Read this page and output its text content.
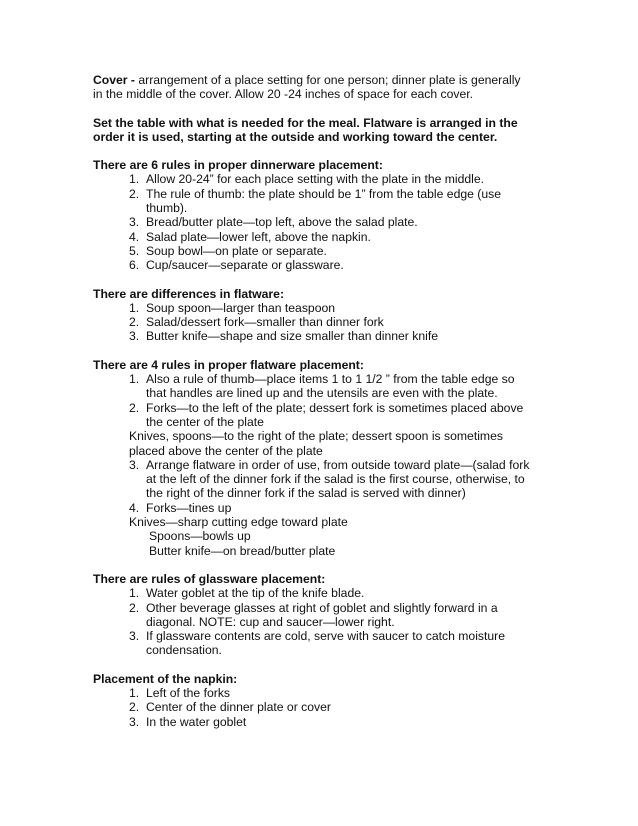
Cover - arrangement of a place setting for one person; dinner plate is generally

in the middle of the cover. Allow 20 -24 inches of space for each cover.

Set the table with what is needed for the meal. Flatware is arranged in the

order it is used, starting at the outside and working toward the center.

There are 6 rules in proper dinnerware placement:

1. Allow 20-24” for each place setting with the plate in the middle.
2. The rule of thumb: the plate should be 1” from the table edge (use

thumb).

3. Bread/butter plate—top left, above the salad plate.
4. Salad plate—lower left, above the napkin.
5. Soup bowl—on plate or separate.
6. Cup/saucer—separate or glassware.

There are differences in flatware:

1. Soup spoon—larger than teaspoon
2. Salad/dessert fork—smaller than dinner fork
3. Butter knife—shape and size smaller than dinner knife

There are 4 rules in proper flatware placement:

1. Also a rule of thumb—place items 1 to 1 1/2 ” from the table edge so

that handles are lined up and the utensils are even with the plate.

2. Forks—to the left of the plate; dessert fork is sometimes placed above

the center of the plate

Knives, spoons—to the right of the plate; dessert spoon is sometimes

placed above the center of the plate

3. Arrange flatware in order of use, from outside toward plate—(salad fork

at the left of the dinner fork if the salad is the first course, otherwise, to

the right of the dinner fork if the salad is served with dinner)

4. Forks—tines up

Knives—sharp cutting edge toward plate

Spoons—bowls up

Butter knife—on bread/butter plate

There are rules of glassware placement:

1. Water goblet at the tip of the knife blade.
2. Other beverage glasses at right of goblet and slightly forward in a

diagonal. NOTE: cup and saucer—lower right.

3. If glassware contents are cold, serve with saucer to catch moisture

condensation.

Placement of the napkin:

1. Left of the forks
2. Center of the dinner plate or cover
3. In the water goblet
